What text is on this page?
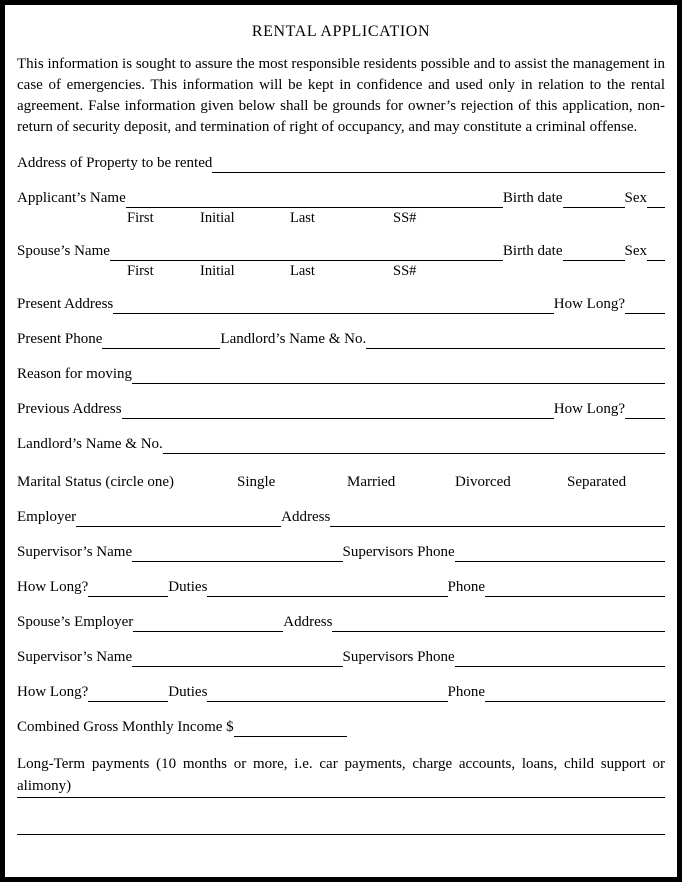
RENTAL APPLICATION

This information is sought to assure the most responsible residents possible and to assist the management in case of emergencies. This information will be kept in confidence and used only in relation to the rental agreement. False information given below shall be grounds for owner’s rejection of this application, non-return of security deposit, and termination of right of occupancy, and may constitute a criminal offense.

Address of Property to be rented
Applicant’s Name	Birth date	Sex
First	Initial	Last	SS#
Spouse’s Name	Birth date	Sex
First	Initial	Last	SS#
Present Address	How Long?
Present Phone	Landlord’s Name & No.
Reason for moving
Previous Address	How Long?
Landlord’s Name & No.
Marital Status (circle one)	Single	Married	Divorced	Separated
Employer	Address
Supervisor’s Name	Supervisors Phone
How Long?	Duties	Phone
Spouse’s Employer	Address
Supervisor’s Name	Supervisors Phone
How Long?	Duties	Phone
Combined Gross Monthly Income $

Long-Term payments (10 months or more, i.e. car payments, charge accounts, loans, child support or alimony)
